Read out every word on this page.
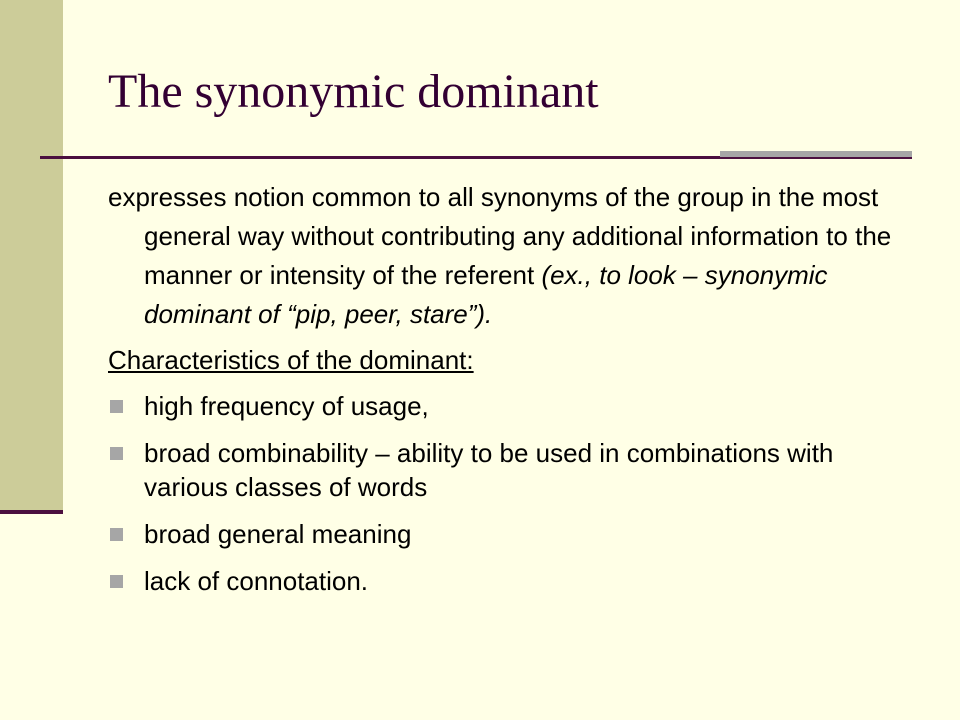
The synonymic dominant

expresses notion common to all synonyms of the group in the most general way without contributing any additional information to the manner or intensity of the referent (ex., to look – synonymic dominant of “pip, peer, stare”).

Characteristics of the dominant:

high frequency of usage,
broad combinability – ability to be used in combinations with various classes of words
broad general meaning
lack of connotation.
